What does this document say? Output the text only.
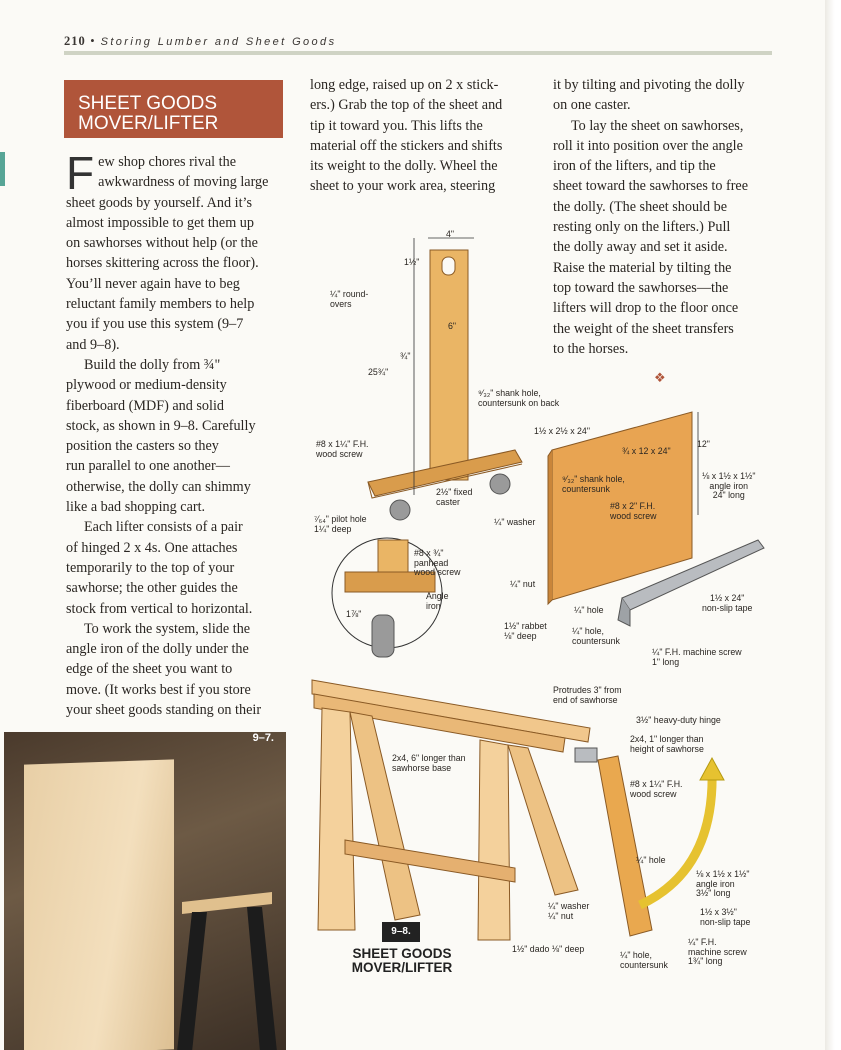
210 • Storing Lumber and Sheet Goods
SHEET GOODS
MOVER/LIFTER

F ew shop chores rival the
awkwardness of moving large
sheet goods by yourself. And it’s
almost impossible to get them up
on sawhorses without help (or the
horses skittering across the floor).
You’ll never again have to beg
reluctant family members to help
you if you use this system (9–7
and 9–8).

Build the dolly from ¾"
plywood or medium-density
fiberboard (MDF) and solid
stock, as shown in 9–8. Carefully
position the casters so they
run parallel to one another—
otherwise, the dolly can shimmy
like a bad shopping cart.

Each lifter consists of a pair
of hinged 2 x 4s. One attaches
temporarily to the top of your
sawhorse; the other guides the
stock from vertical to horizontal.

To work the system, slide the
angle iron of the dolly under the
edge of the sheet you want to
move. (It works best if you store
your sheet goods standing on their

long edge, raised up on 2 x stick-
ers.) Grab the top of the sheet and
tip it toward you. This lifts the
material off the stickers and shifts
its weight to the dolly. Wheel the
sheet to your work area, steering

it by tilting and pivoting the dolly
on one caster.

To lay the sheet on sawhorses,
roll it into position over the angle
iron of the lifters, and tip the
sheet toward the sawhorses to free
the dolly. (The sheet should be
resting only on the lifters.) Pull
the dolly away and set it aside.
Raise the material by tilting the
top toward the sawhorses—the
lifters will drop to the floor once
the weight of the sheet transfers
to the horses.

❖
4"
1½"
¼" round-
overs
6"
¾"
25¾"
⁹⁄₃₂" shank hole,
countersunk on back
1½ x 2½ x 24"
#8 x 1¼" F.H.
wood screw
2½" fixed
caster
¾ x 12 x 24"
12"
⅛ x 1½ x 1½"
angle iron
24" long
⁹⁄₃₂" shank hole,
countersunk
#8 x 2" F.H.
wood screw
⁷⁄₆₄" pilot hole
1¼" deep
¼" washer
#8 x ¾"
panhead
wood screw
Angle
iron
¼" nut
1⅞"
1½" rabbet
⅛" deep
¼" hole
¼" hole,
countersunk
1½ x 24"
non-slip tape
¼" F.H. machine screw
1" long
Protrudes 3" from
end of sawhorse
3½" heavy-duty hinge
2x4, 1" longer than
height of sawhorse
2x4, 6" longer than
sawhorse base
#8 x 1¼" F.H.
wood screw
¼" hole
⅛ x 1½ x 1½"
angle iron
3½" long
1½ x 3½"
non-slip tape
¼" washer
¼" nut
1½" dado ⅛" deep
¼" hole,
countersunk
¼" F.H.
machine screw
1¾" long
9–8.
SHEET GOODS
MOVER/LIFTER
9–7.
